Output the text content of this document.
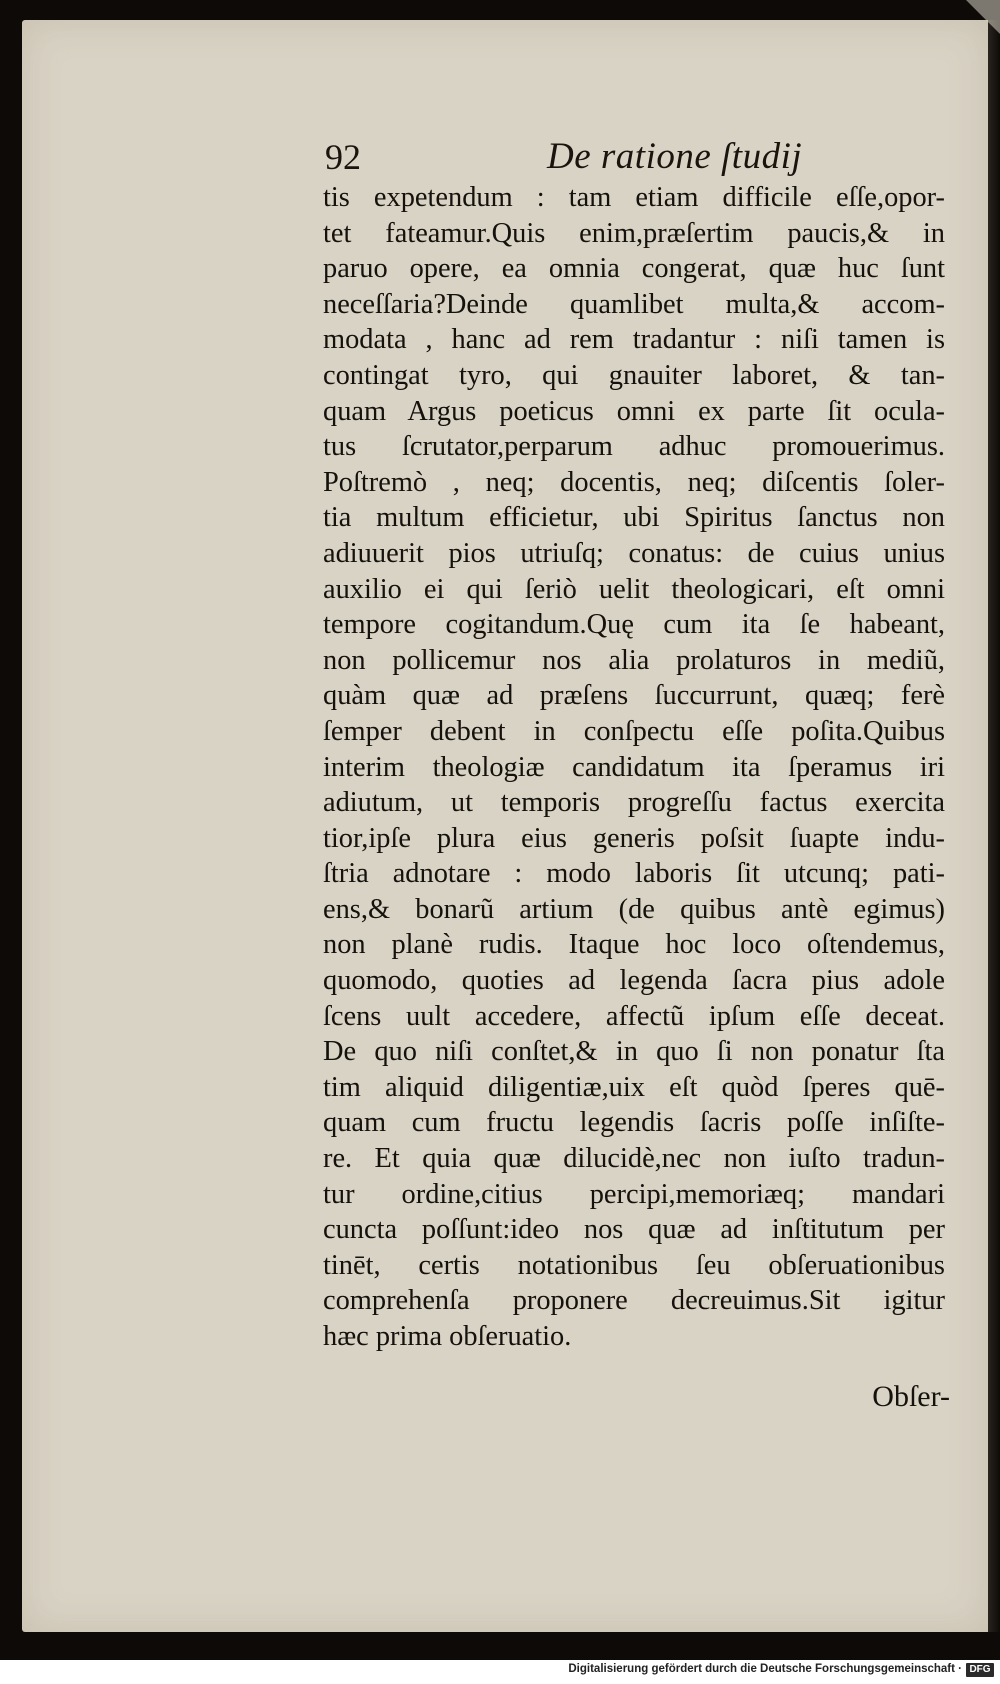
92	De ratione ſtudij
tis expetendum : tam etiam difficile eſſe,opor-
tet fateamur.Quis enim,præſertim paucis,& in
paruo opere, ea omnia congerat, quæ huc ſunt
neceſſaria?Deinde quamlibet multa,& accom-
modata , hanc ad rem tradantur : niſi tamen is
contingat tyro, qui gnauiter laboret, & tan-
quam Argus poeticus omni ex parte ſit ocula-
tus ſcrutator,perparum adhuc promouerimus.
Poſtremò , neq; docentis, neq; diſcentis ſoler-
tia multum efficietur, ubi Spiritus ſanctus non
adiuuerit pios utriuſq; conatus: de cuius unius
auxilio ei qui ſeriò uelit theologicari, eſt omni
tempore cogitandum.Quę cum ita ſe habeant,
non pollicemur nos alia prolaturos in mediũ,
quàm quæ ad præſens ſuccurrunt, quæq; ferè
ſemper debent in conſpectu eſſe poſita.Quibus
interim theologiæ candidatum ita ſperamus iri
adiutum, ut temporis progreſſu factus exercita
tior,ipſe plura eius generis poſsit ſuapte indu-
ſtria adnotare : modo laboris ſit utcunq; pati-
ens,& bonarũ artium (de quibus antè egimus)
non planè rudis. Itaque hoc loco oſtendemus,
quomodo, quoties ad legenda ſacra pius adole
ſcens uult accedere, affectũ ipſum eſſe deceat.
De quo niſi conſtet,& in quo ſi non ponatur ſta
tim aliquid diligentiæ,uix eſt quòd ſperes quē-
quam cum fructu legendis ſacris poſſe inſiſte-
re. Et quia quæ dilucidè,nec non iuſto tradun-
tur ordine,citius percipi,memoriæq; mandari
cuncta poſſunt:ideo nos quæ ad inſtitutum per
tinēt, certis notationibus ſeu obſeruationibus
comprehenſa proponere decreuimus.Sit igitur
hæc prima obſeruatio.
Obſer-
Digitalisierung gefördert durch die Deutsche Forschungsgemeinschaft · DFG
